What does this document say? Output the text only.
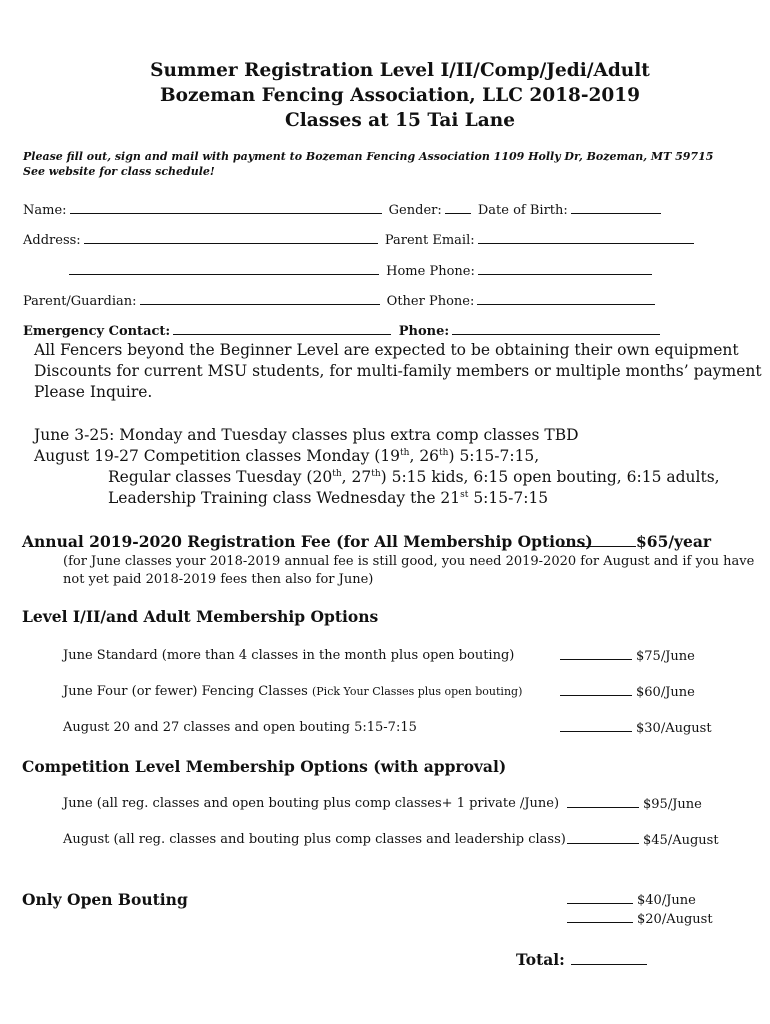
Summer Registration Level I/II/Comp/Jedi/Adult
Bozeman Fencing Association, LLC 2018-2019
Classes at 15 Tai Lane
Please fill out, sign and mail with payment to Bozeman Fencing Association 1109 Holly Dr, Bozeman, MT 59715
See website for class schedule!
Name:	Gender:	Date of Birth:
Address:	Parent Email:
Home Phone:
Parent/Guardian:	Other Phone:
Emergency Contact:	Phone:
All Fencers beyond the Beginner Level are expected to be obtaining their own equipment
Discounts for current MSU students, for multi-family members or multiple months’ payment
Please Inquire.
June 3-25: Monday and Tuesday classes plus extra comp classes TBD
August 19-27 Competition classes Monday (19th, 26th) 5:15-7:15,
Regular classes Tuesday (20th, 27th) 5:15 kids, 6:15 open bouting, 6:15 adults,
Leadership Training class Wednesday the 21st 5:15-7:15
Annual 2019-2020 Registration Fee (for All Membership Options)	$65/year
(for June classes your 2018-2019 annual fee is still good, you need 2019-2020 for August and if you have
not yet paid 2018-2019 fees then also for June)
Level I/II/and Adult Membership Options
June Standard (more than 4 classes in the month plus open bouting)	$75/June
June Four (or fewer) Fencing Classes (Pick Your Classes plus open bouting)	$60/June
August 20 and 27 classes and open bouting 5:15-7:15	$30/August
Competition Level Membership Options (with approval)
June (all reg. classes and open bouting plus comp classes+ 1 private /June)	$95/June
August (all reg. classes and bouting plus comp classes and leadership class)	$45/August
Only Open Bouting	$40/June
$20/August
Total:
